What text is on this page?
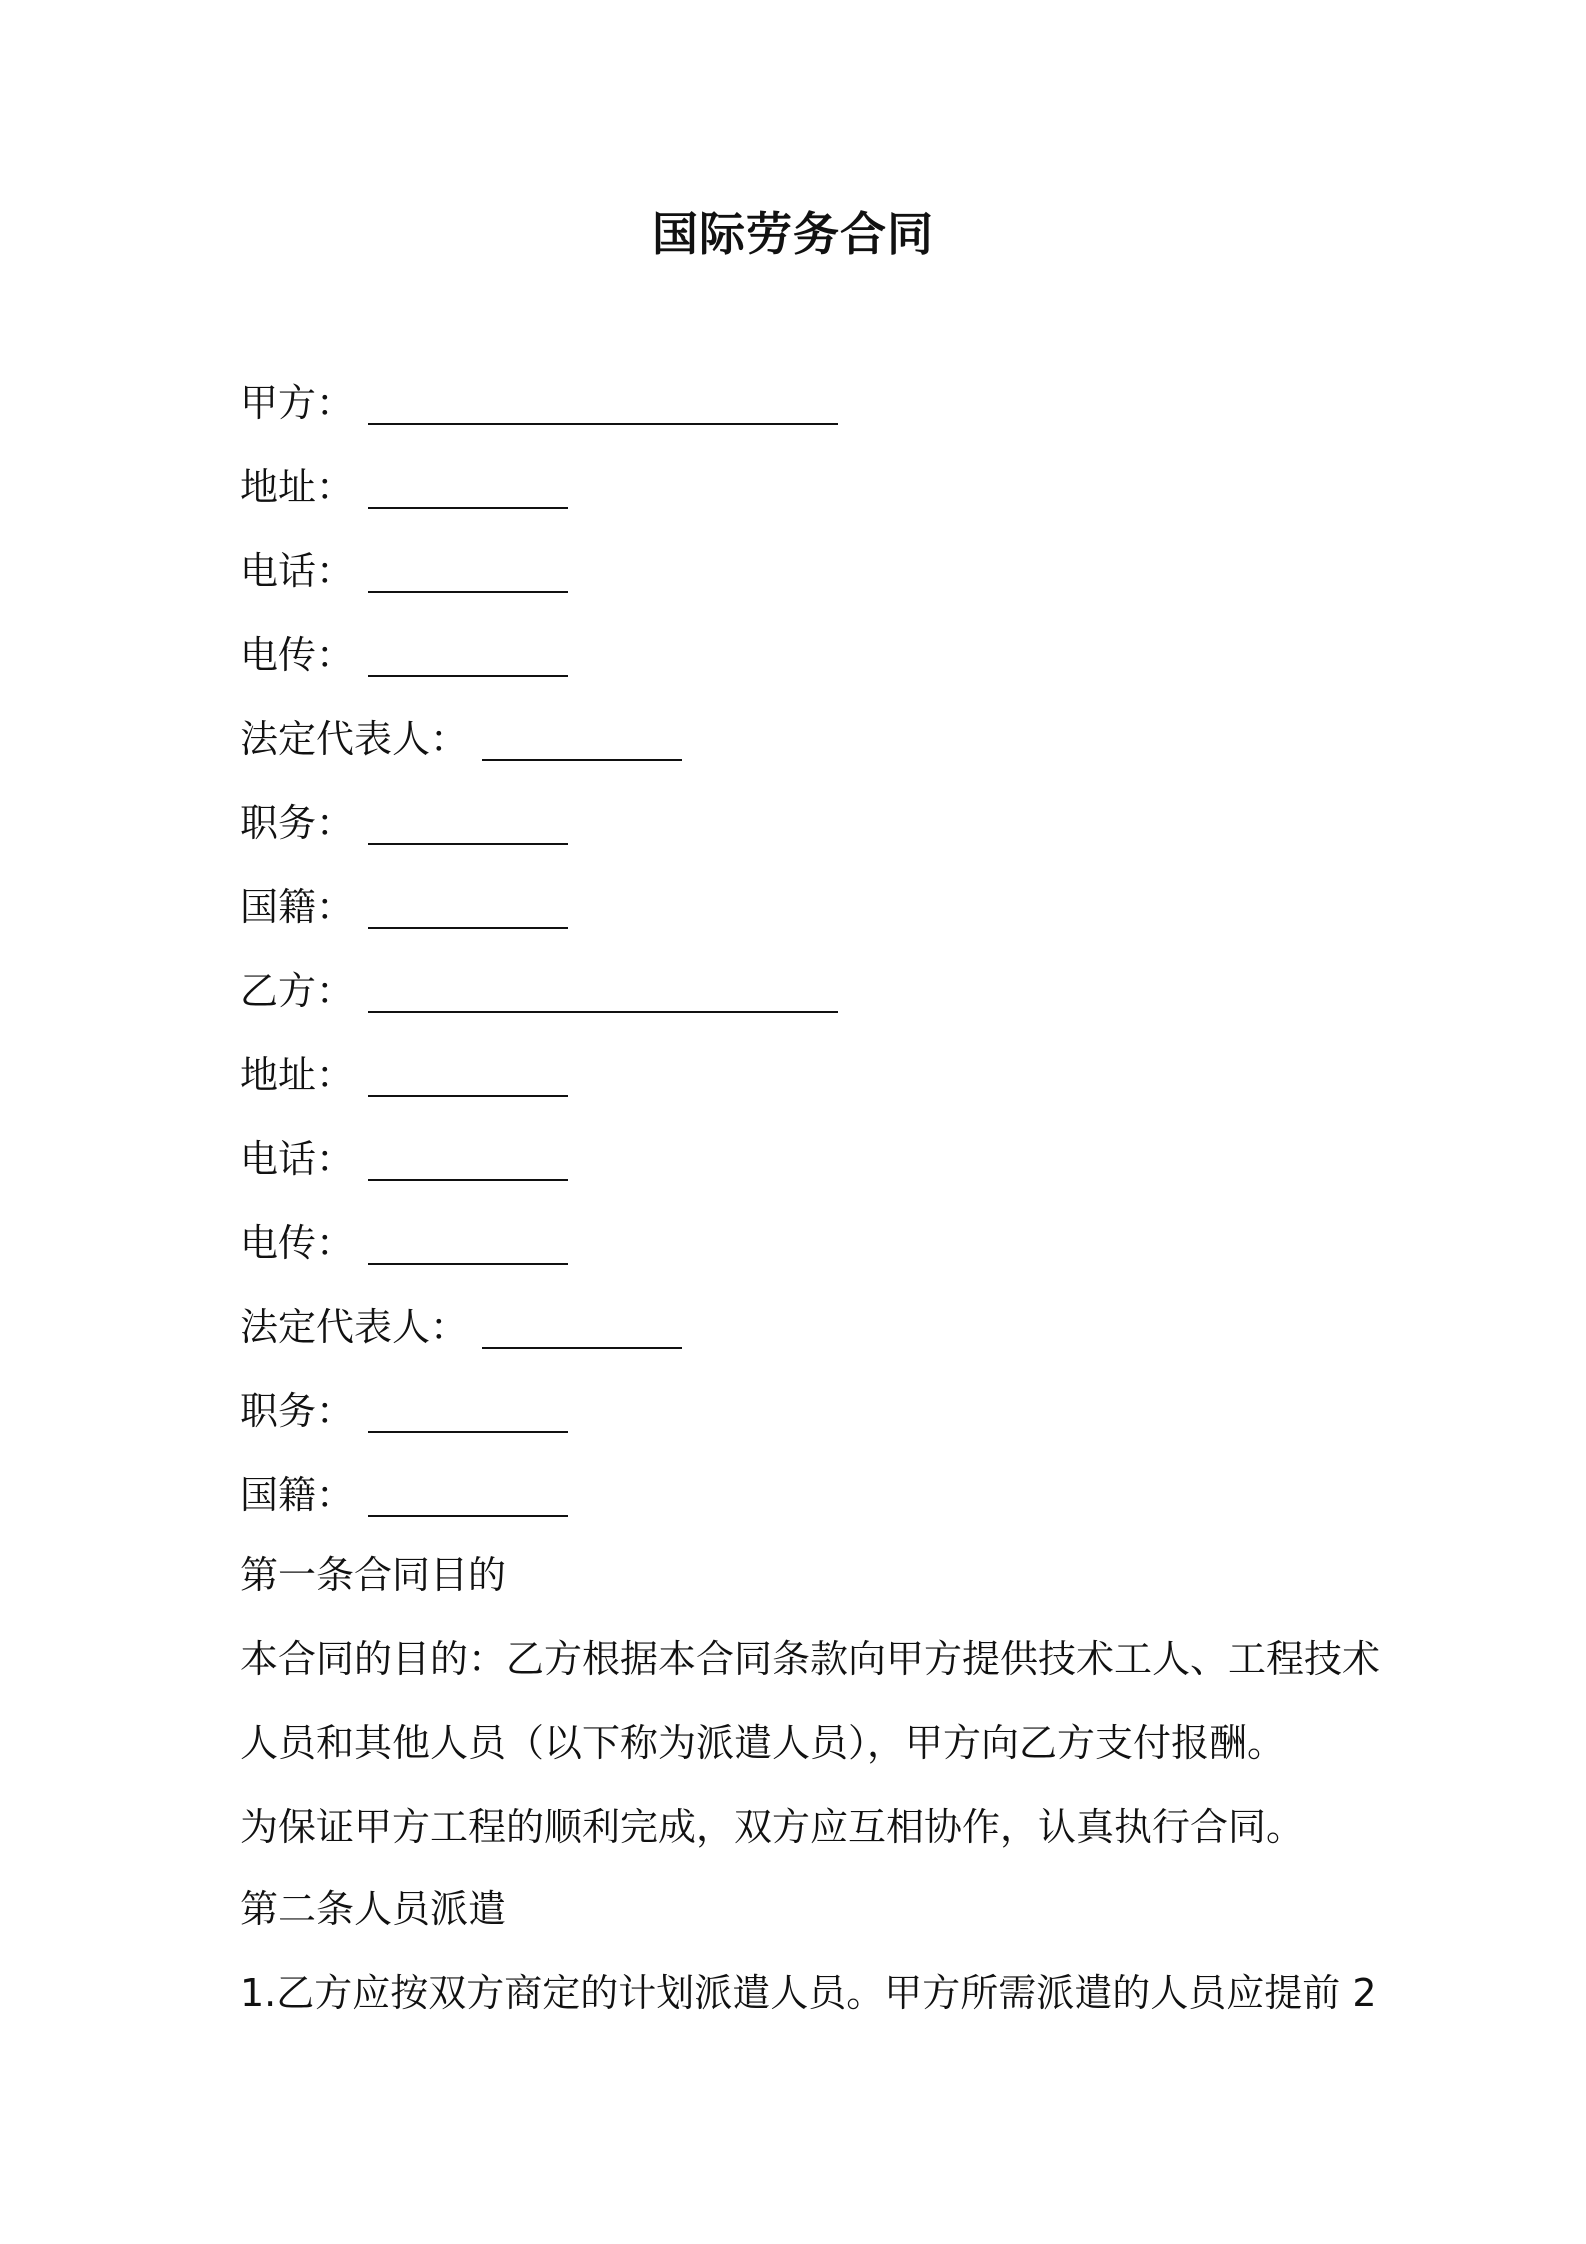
国际劳务合同
甲方：
地址：
电话：
电传：
法定代表人：
职务：
国籍：
乙方：
地址：
电话：
电传：
法定代表人：
职务：
国籍：
第一条合同目的
本合同的目的：乙方根据本合同条款向甲方提供技术工人、工程技术
人员和其他人员（以下称为派遣人员），甲方向乙方支付报酬。
为保证甲方工程的顺利完成，双方应互相协作，认真执行合同。
第二条人员派遣
1.乙方应按双方商定的计划派遣人员。甲方所需派遣的人员应提前 2
